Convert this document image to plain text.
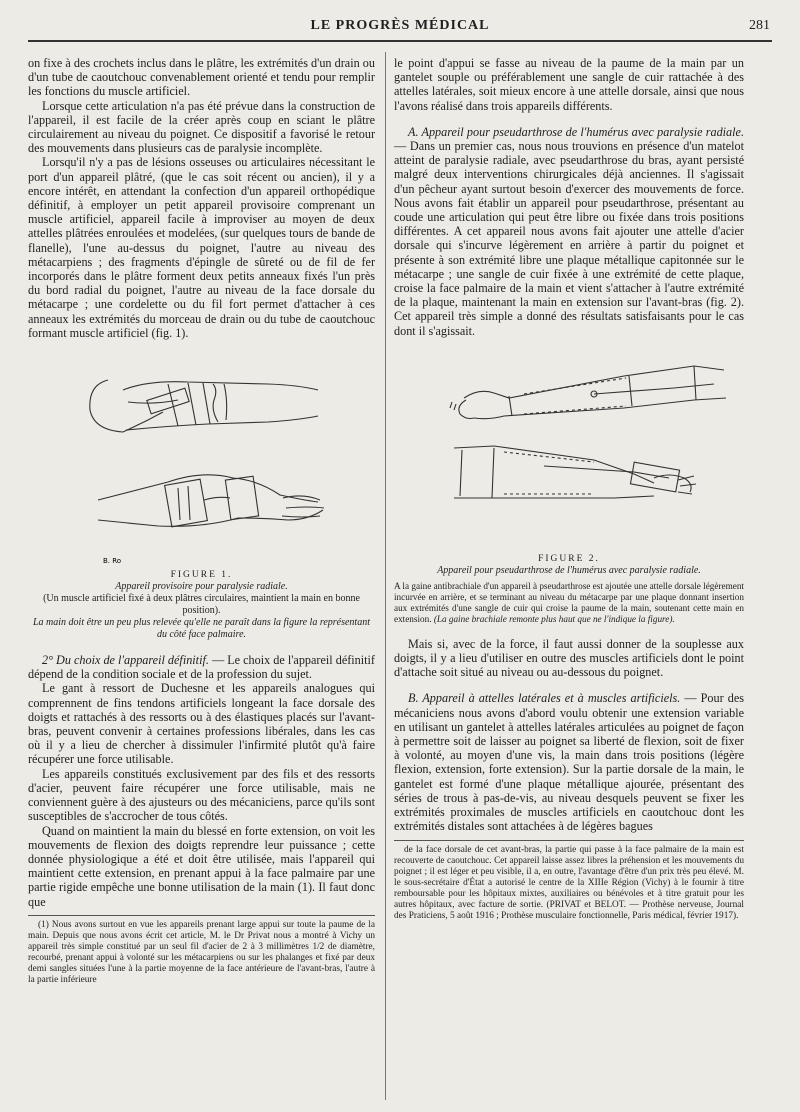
LE PROGRÈS MÉDICAL	281

on fixe à des crochets inclus dans le plâtre, les extrémités d'un drain ou d'un tube de caoutchouc convenablement orienté et tendu pour remplir les fonctions du muscle artificiel.

Lorsque cette articulation n'a pas été prévue dans la construction de l'appareil, il est facile de la créer après coup en sciant le plâtre circulairement au niveau du poignet. Ce dispositif a favorisé le retour des mouvements dans plusieurs cas de paralysie incomplète.

Lorsqu'il n'y a pas de lésions osseuses ou articulaires nécessitant le port d'un appareil plâtré, (que le cas soit récent ou ancien), il y a encore intérêt, en attendant la confection d'un appareil orthopédique définitif, à employer un petit appareil provisoire comprenant un muscle artificiel, appareil facile à improviser au moyen de deux attelles plâtrées enroulées et modelées, (sur quelques tours de bande de flanelle), l'une au-dessus du poignet, l'autre au niveau des métacarpiens ; des fragments d'épingle de sûreté ou de fil de fer incorporés dans le plâtre forment deux petits anneaux fixés l'un près du bord radial du poignet, l'autre au niveau de la face dorsale du métacarpe ; une cordelette ou du fil fort permet d'attacher à ces anneaux les extrémités du morceau de drain ou du tube de caoutchouc formant muscle artificiel (fig. 1).

B. Ro
FIGURE 1.
Appareil provisoire pour paralysie radiale.
(Un muscle artificiel fixé à deux plâtres circulaires, maintient la main en bonne position).
La main doit être un peu plus relevée qu'elle ne paraît dans la figure la représentant du côté face palmaire.

2° Du choix de l'appareil définitif. — Le choix de l'appareil définitif dépend de la condition sociale et de la profession du sujet.

Le gant à ressort de Duchesne et les appareils analogues qui comprennent de fins tendons artificiels longeant la face dorsale des doigts et rattachés à des ressorts ou à des élastiques placés sur l'avant-bras, peuvent convenir à certaines professions libérales, dans les cas où il y a lieu de chercher à dissimuler l'infirmité plutôt qu'à faire récupérer une force utilisable.

Les appareils constitués exclusivement par des fils et des ressorts d'acier, peuvent faire récupérer une force utilisable, mais ne conviennent guère à des ajusteurs ou des mécaniciens, parce qu'ils sont susceptibles de s'accrocher de tous côtés.

Quand on maintient la main du blessé en forte extension, on voit les mouvements de flexion des doigts reprendre leur puissance ; cette donnée physiologique a été et doit être utilisée, mais l'appareil qui maintient cette extension, en prenant appui à la face palmaire par une partie rigide empêche une bonne utilisation de la main (1). Il faut donc que

(1) Nous avons surtout en vue les appareils prenant large appui sur toute la paume de la main. Depuis que nous avons écrit cet article, M. le Dr Privat nous a montré à Vichy un appareil très simple constitué par un seul fil d'acier de 2 à 3 millimètres 1/2 de diamètre, recourbé, prenant appui à volonté sur les métacarpiens ou sur les phalanges et fixé par deux demi sangles situées l'une à la partie moyenne de la face antérieure de l'avant-bras, l'autre à la partie inférieure

le point d'appui se fasse au niveau de la paume de la main par un gantelet souple ou préférablement une sangle de cuir rattachée à des attelles latérales, soit mieux encore à une attelle dorsale, ainsi que nous l'avons réalisé dans trois appareils différents.

A. Appareil pour pseudarthrose de l'humérus avec paralysie radiale. — Dans un premier cas, nous nous trouvions en présence d'un matelot atteint de paralysie radiale, avec pseudarthrose du bras, ayant persisté malgré deux interventions chirurgicales déjà anciennes. Il s'agissait d'un pêcheur ayant surtout besoin d'exercer des mouvements de force. Nous avons fait établir un appareil pour pseudarthrose, présentant au coude une articulation qui peut être libre ou fixée dans trois positions différentes. A cet appareil nous avons fait ajouter une attelle d'acier dorsale qui s'incurve légèrement en arrière à partir du poignet et présente à son extrémité libre une plaque métallique capitonnée sur le métacarpe ; une sangle de cuir fixée à une extrémité de cette plaque, croise la face palmaire de la main et vient s'attacher à l'autre extrémité de la plaque, maintenant la main en extension sur l'avant-bras (fig. 2). Cet appareil très simple a donné des résultats satisfaisants pour le cas dont il s'agissait.

FIGURE 2.
Appareil pour pseudarthrose de l'humérus avec paralysie radiale.
A la gaine antibrachiale d'un appareil à pseudarthrose est ajoutée une attelle dorsale légèrement incurvée en arrière, et se terminant au niveau du métacarpe par une plaque donnant insertion aux extrémités d'une sangle de cuir qui croise la paume de la main, soutenant cette main en extension. (La gaine brachiale remonte plus haut que ne l'indique la figure).

Mais si, avec de la force, il faut aussi donner de la souplesse aux doigts, il y a lieu d'utiliser en outre des muscles artificiels dont le point d'attache soit situé au niveau ou au-dessous du poignet.

B. Appareil à attelles latérales et à muscles artificiels. — Pour des mécaniciens nous avons d'abord voulu obtenir une extension variable en utilisant un gantelet à attelles latérales articulées au poignet de façon à permettre soit de laisser au poignet sa liberté de flexion, soit de fixer à volonté, au moyen d'une vis, la main dans trois positions (légère flexion, extension, forte extension). Sur la partie dorsale de la main, le gantelet est formé d'une plaque métallique ajourée, présentant des séries de trous à pas-de-vis, au niveau desquels peuvent se fixer les extrémités proximales de muscles artificiels en caoutchouc dont les extrémités distales sont attachées à de légères bagues

de la face dorsale de cet avant-bras, la partie qui passe à la face palmaire de la main est recouverte de caoutchouc. Cet appareil laisse assez libres la préhension et les mouvements du poignet ; il est léger et peu visible, il a, en outre, l'avantage d'être d'un prix très peu élevé. M. le sous-secrétaire d'État a autorisé le centre de la XIIIe Région (Vichy) à le fournir à titre remboursable pour les hôpitaux mixtes, auxiliaires ou bénévoles et à titre gratuit pour les autres hôpitaux, avec facture de sortie. (PRIVAT et BELOT. — Prothèse nerveuse, Journal des Praticiens, 5 août 1916 ; Prothèse musculaire fonctionnelle, Paris médical, février 1917).
